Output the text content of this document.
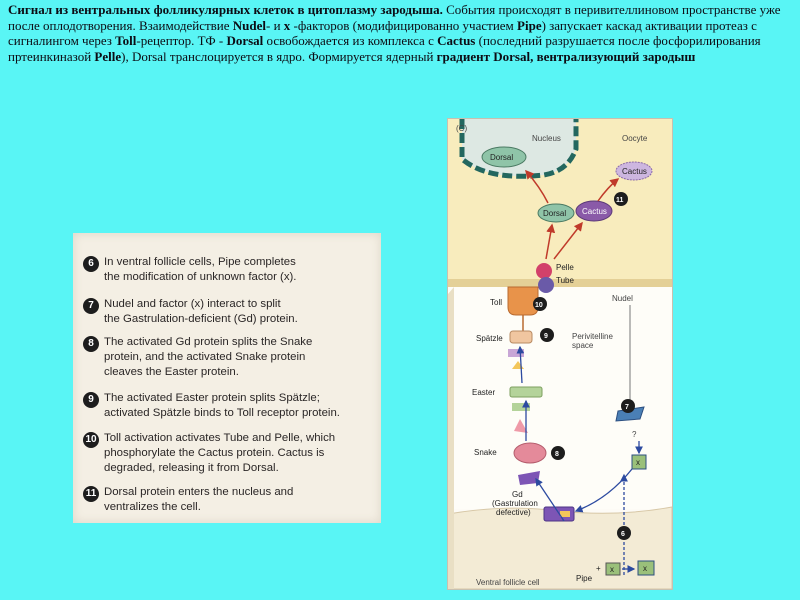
Сигнал из вентральных фолликулярных клеток в цитоплазму зародыша. События происходят в перивителлиновом пространстве уже после оплодотворения. Взаимодействие Nudel- и x -факторов (модифицированно участием Pipe) запускает каскад активации протеаз с сигналингом через Toll-рецептор. ТФ - Dorsal освобождается из комплекса с Cactus (последний разрушается после фосфорилирования пртеинкиназой Pelle), Dorsal транслоцируется в ядро. Формируется ядерный градиент Dorsal, вентрализующий зародыш

6 In ventral follicle cells, Pipe completes
the modification of unknown factor (x).
7 Nudel and factor (x) interact to split
the Gastrulation-deficient (Gd) protein.
8 The activated Gd protein splits the Snake
protein, and the activated Snake protein
cleaves the Easter protein.
9 The activated Easter protein splits Spätzle;
activated Spätzle binds to Toll receptor protein.
10 Toll activation activates Tube and Pelle, which
phosphorylate the Cactus protein. Cactus is
degraded, releasing it from Dorsal.
11 Dorsal protein enters the nucleus and
ventralizes the cell.
(C)
Nucleus	Oocyte
Dorsal
Cactus
Dorsal Cactus
Pelle
Tube
Toll	Nudel
Spätzle	Perivitelline space
Easter
Snake
Gd (Gastrulation defective)
?
x
Ventral follicle cell	Pipe
+ x	x
11
10
9
8
7
6
